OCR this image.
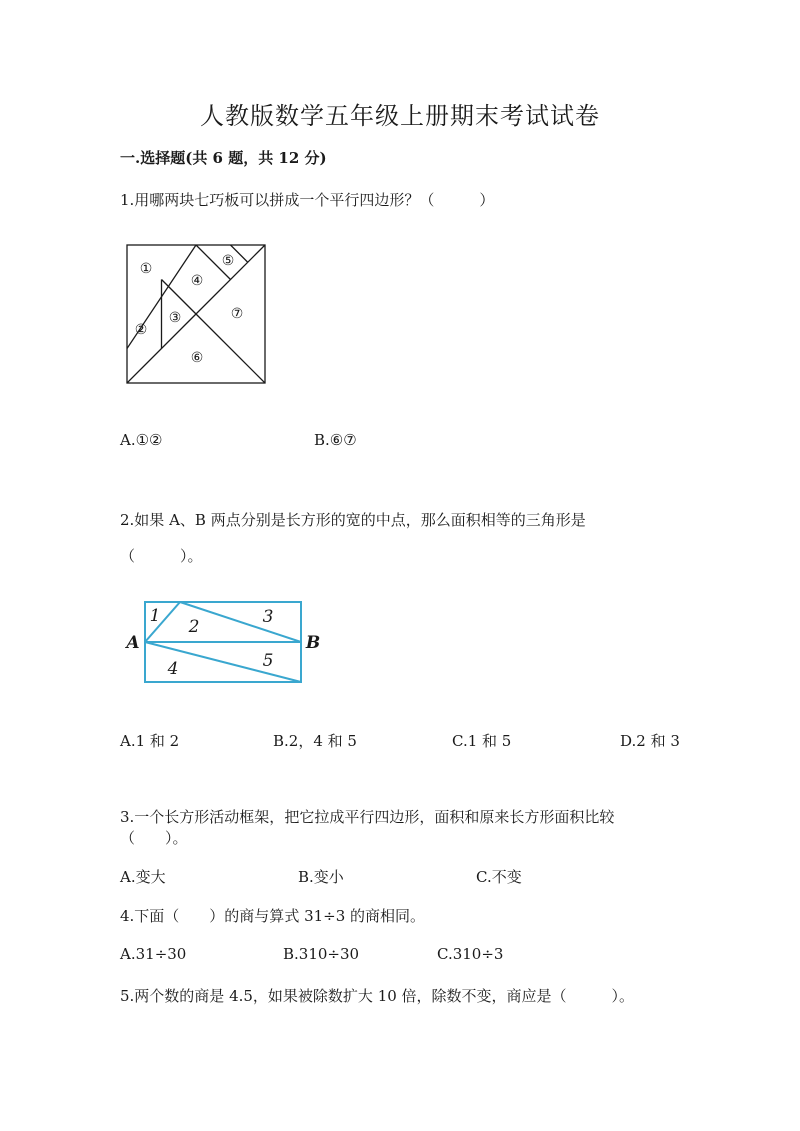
人教版数学五年级上册期末考试试卷
一.选择题(共 6 题，共 12 分)
1.用哪两块七巧板可以拼成一个平行四边形？（　　　）
①
②
③
④
⑤
⑥
⑦
A.①②	B.⑥⑦
2.如果 A、B 两点分别是长方形的宽的中点，那么面积相等的三角形是
（　　　）。
1
2	3
4	5
A	B
A.1 和 2	B.2，4 和 5	C.1 和 5	D.2 和 3
3.一个长方形活动框架，把它拉成平行四边形，面积和原来长方形面积比较
（　　）。
A.变大	B.变小	C.不变
4.下面（　　）的商与算式 31÷3 的商相同。
A.31÷30	B.310÷30	C.310÷3
5.两个数的商是 4.5，如果被除数扩大 10 倍，除数不变，商应是（　　　）。
